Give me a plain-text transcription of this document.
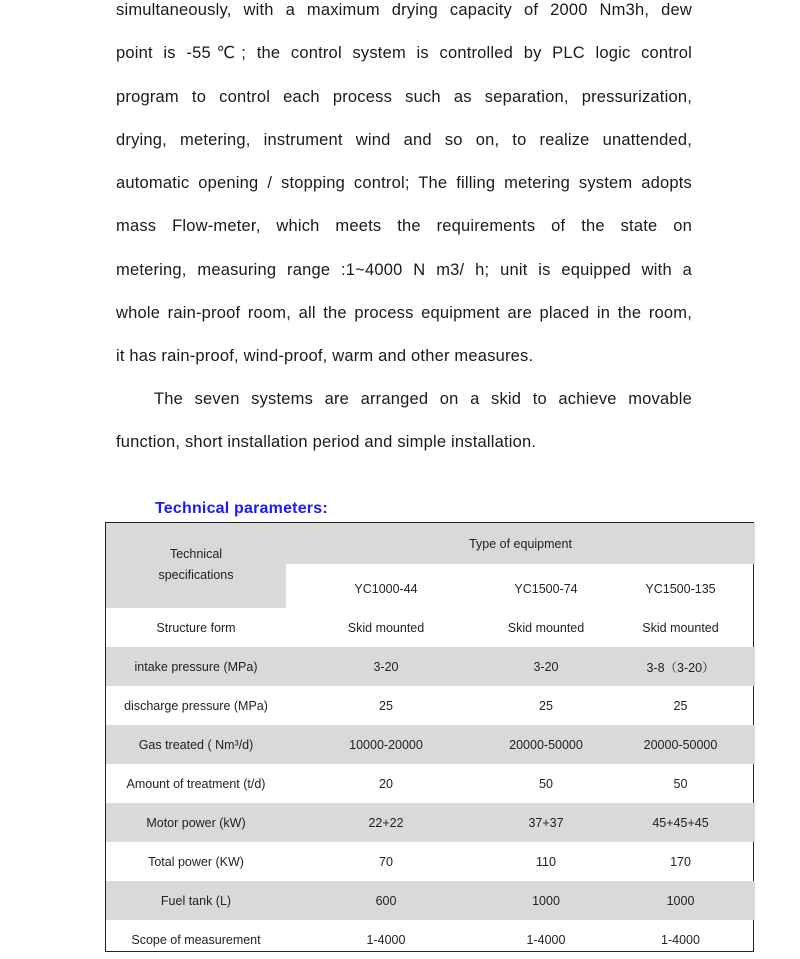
simultaneously, with a maximum drying capacity of 2000 Nm3h, dew
point is -55℃; the control system is controlled by PLC logic control
program to control each process such as separation, pressurization,
drying, metering, instrument wind and so on, to realize unattended,
automatic opening / stopping control; The filling metering system adopts
mass Flow-meter, which meets the requirements of the state on
metering, measuring range :1~4000 N m3/ h; unit is equipped with a
whole rain-proof room, all the process equipment are placed in the room,
it has rain-proof, wind-proof, warm and other measures.
The seven systems are arranged on a skid to achieve movable
function, short installation period and simple installation.
Technical parameters:
Technical	Type of equipment		
specifications	YC1000-44	YC1500-74	YC1500-135
Structure form	Skid mounted	Skid mounted	Skid mounted
intake pressure (MPa)	3-20	3-20	3-8（3-20）
discharge pressure (MPa)	25	25	25
Gas treated ( Nm³/d)	10000-20000	20000-50000	20000-50000
Amount of treatment (t/d)	20	50	50
Motor power (kW)	22+22	37+37	45+45+45
Total power (KW)	70	110	170
Fuel tank (L)	600	1000	1000
Scope of measurement	1-4000	1-4000	1-4000
